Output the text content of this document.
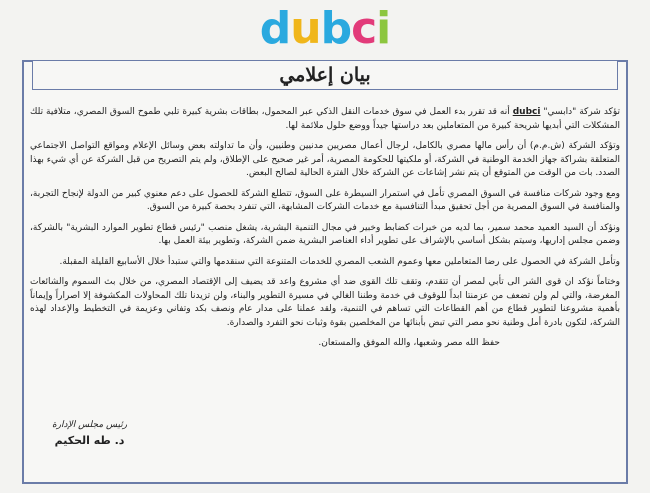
dubci
بيان إعلامي

تؤكد شركة "دابسي" dubci أنه قد تقرر بدء العمل في سوق خدمات النقل الذكي عبر المحمول، بطاقات بشرية كبيرة تلبي طموح السوق المصري، متلافية تلك المشكلات التي أبديها شريحة كبيرة من المتعاملين بعد دراستها جيداً ووضع حلول ملائمة لها.

وتؤكد الشركة (ش.م.م) أن رأس مالها مصري بالكامل، لرجال أعمال مصريين مدنيين وطنيين، وأن ما تداولته بعض وسائل الإعلام ومواقع التواصل الاجتماعي المتعلقة بشراكة جهاز الخدمة الوطنية في الشركة، أو ملكيتها للحكومة المصرية، أمر غير صحيح على الإطلاق، ولم يتم التصريح من قبل الشركة عن أي شيء بهذا الصدد. بات من الوقت من المتوقع أن يتم نشر إشاعات عن الشركة خلال الفترة الحالية لصالح البعض.

ومع وجود شركات منافسة في السوق المصري تأمل في استمرار السيطرة على السوق، تتطلع الشركة للحصول على دعم معنوي كبير من الدولة لإنجاح التجربة، والمنافسة في السوق المصرية من أجل تحقيق مبدأ التنافسية مع خدمات الشركات المشابهة، التي تنفرد بحصة كبيرة من السوق.

ونؤكد أن السيد العميد محمد سمير، بما لديه من خبرات كضابط وخبير في مجال التنمية البشرية، يشغل منصب "رئيس قطاع تطوير الموارد البشرية" بالشركة، وضمن مجلس إداريها، وسيتم بشكل أساسي بالإشراف على تطوير أداء العناصر البشرية ضمن الشركة، وتطوير بيئة العمل بها.

وتأمل الشركة في الحصول على رضا المتعاملين معها وعموم الشعب المصري للخدمات المتنوعة التي سنقدمها والتي ستبدأ خلال الأسابيع القليلة المقبلة.

وختاماً نؤكد ان قوى الشر الى تأبي لمصر أن تتقدم، وتقف تلك القوى ضد أي مشروع واعد قد يضيف إلى الإقتصاد المصري، من خلال بث السموم والشائعات المغرضة، والتي لم ولن تضعف من عزمنتا ابداً للوقوف في خدمة وطننا الغالي في مسيرة التطوير والبناء، ولن تزيدنا تلك المحاولات المكشوفة إلا اصراراً وإيماناً بأهمية مشروعنا لتطوير قطاع من أهم القطاعات التي تساهم في التنمية، ولقد عملنا على مدار عام ونصف بكد وتفاني وعزيمة في التخطيط والإعداد لهذه الشركة، لتكون بادرة أمل وطنية نحو مصر التي تبض بأبنائها من المخلصين بقوة وثبات نحو التفرد والصدارة.

حفظ الله مصر وشعبها، والله الموفق والمستعان.

رئيس مجلس الإدارة
د. طه الحكيم
